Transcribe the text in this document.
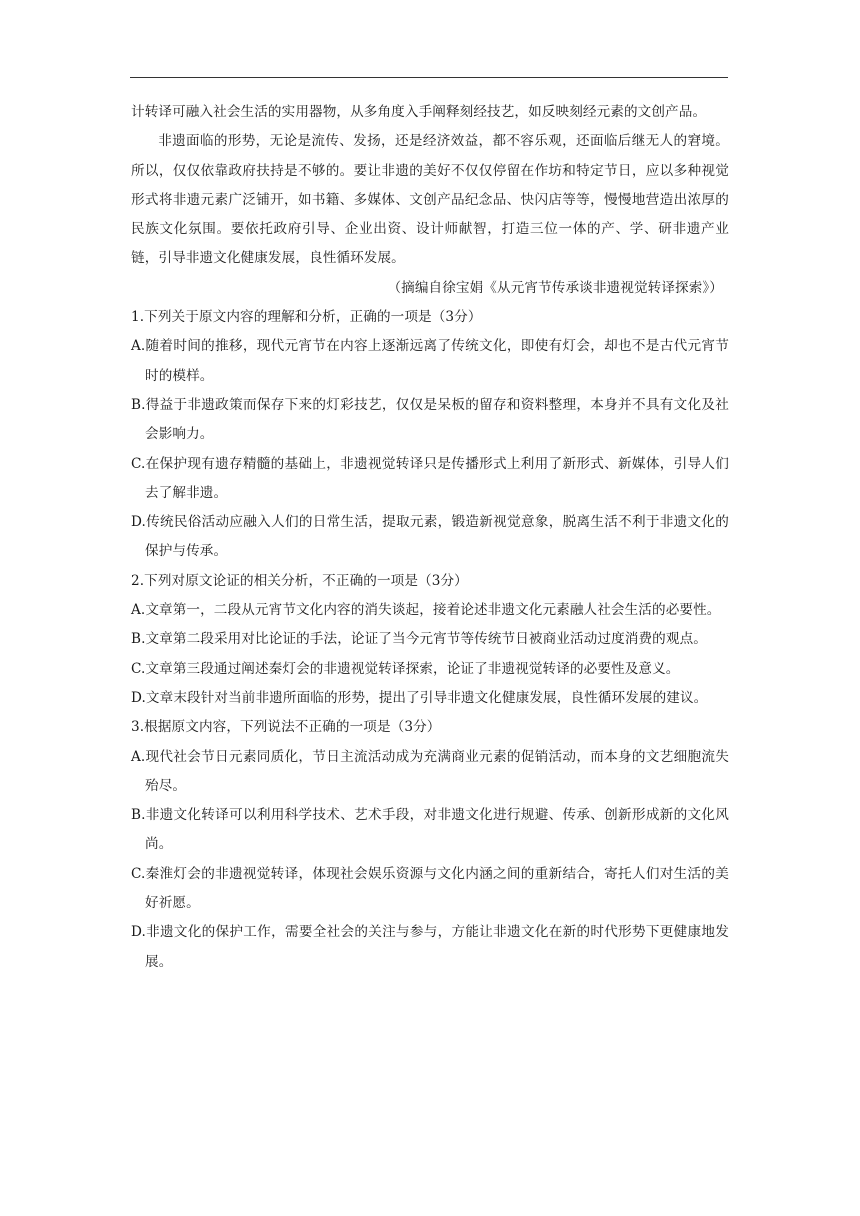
计转译可融入社会生活的实用器物，从多角度入手阐释刻经技艺，如反映刻经元素的文创产品。

非遗面临的形势，无论是流传、发扬，还是经济效益，都不容乐观，还面临后继无人的窘境。所以，仅仅依靠政府扶持是不够的。要让非遗的美好不仅仅停留在作坊和特定节日，应以多种视觉形式将非遗元素广泛铺开，如书籍、多媒体、文创产品纪念品、快闪店等等，慢慢地营造出浓厚的民族文化氛围。要依托政府引导、企业出资、设计师献智，打造三位一体的产、学、研非遗产业链，引导非遗文化健康发展，良性循环发展。

（摘编自徐宝娟《从元宵节传承谈非遗视觉转译探索》）

1.下列关于原文内容的理解和分析，正确的一项是（3分）

A.随着时间的推移，现代元宵节在内容上逐渐远离了传统文化，即使有灯会，却也不是古代元宵节时的模样。

B.得益于非遗政策而保存下来的灯彩技艺，仅仅是呆板的留存和资料整理，本身并不具有文化及社会影响力。

C.在保护现有遗存精髓的基础上，非遗视觉转译只是传播形式上利用了新形式、新媒体，引导人们去了解非遗。

D.传统民俗活动应融入人们的日常生活，提取元素，锻造新视觉意象，脱离生活不利于非遗文化的保护与传承。

2.下列对原文论证的相关分析，不正确的一项是（3分）

A.文章第一，二段从元宵节文化内容的消失谈起，接着论述非遗文化元素融人社会生活的必要性。

B.文章第二段采用对比论证的手法，论证了当今元宵节等传统节日被商业活动过度消费的观点。

C.文章第三段通过阐述秦灯会的非遗视觉转译探索，论证了非遗视觉转译的必要性及意义。

D.文章末段针对当前非遗所面临的形势，提出了引导非遗文化健康发展，良性循环发展的建议。

3.根据原文内容，下列说法不正确的一项是（3分）

A.现代社会节日元素同质化，节日主流活动成为充满商业元素的促销活动，而本身的文艺细胞流失殆尽。

B.非遗文化转译可以利用科学技术、艺术手段，对非遗文化进行规避、传承、创新形成新的文化风尚。

C.秦淮灯会的非遗视觉转译，体现社会娱乐资源与文化内涵之间的重新结合，寄托人们对生活的美好祈愿。

D.非遗文化的保护工作，需要全社会的关注与参与，方能让非遗文化在新的时代形势下更健康地发展。
